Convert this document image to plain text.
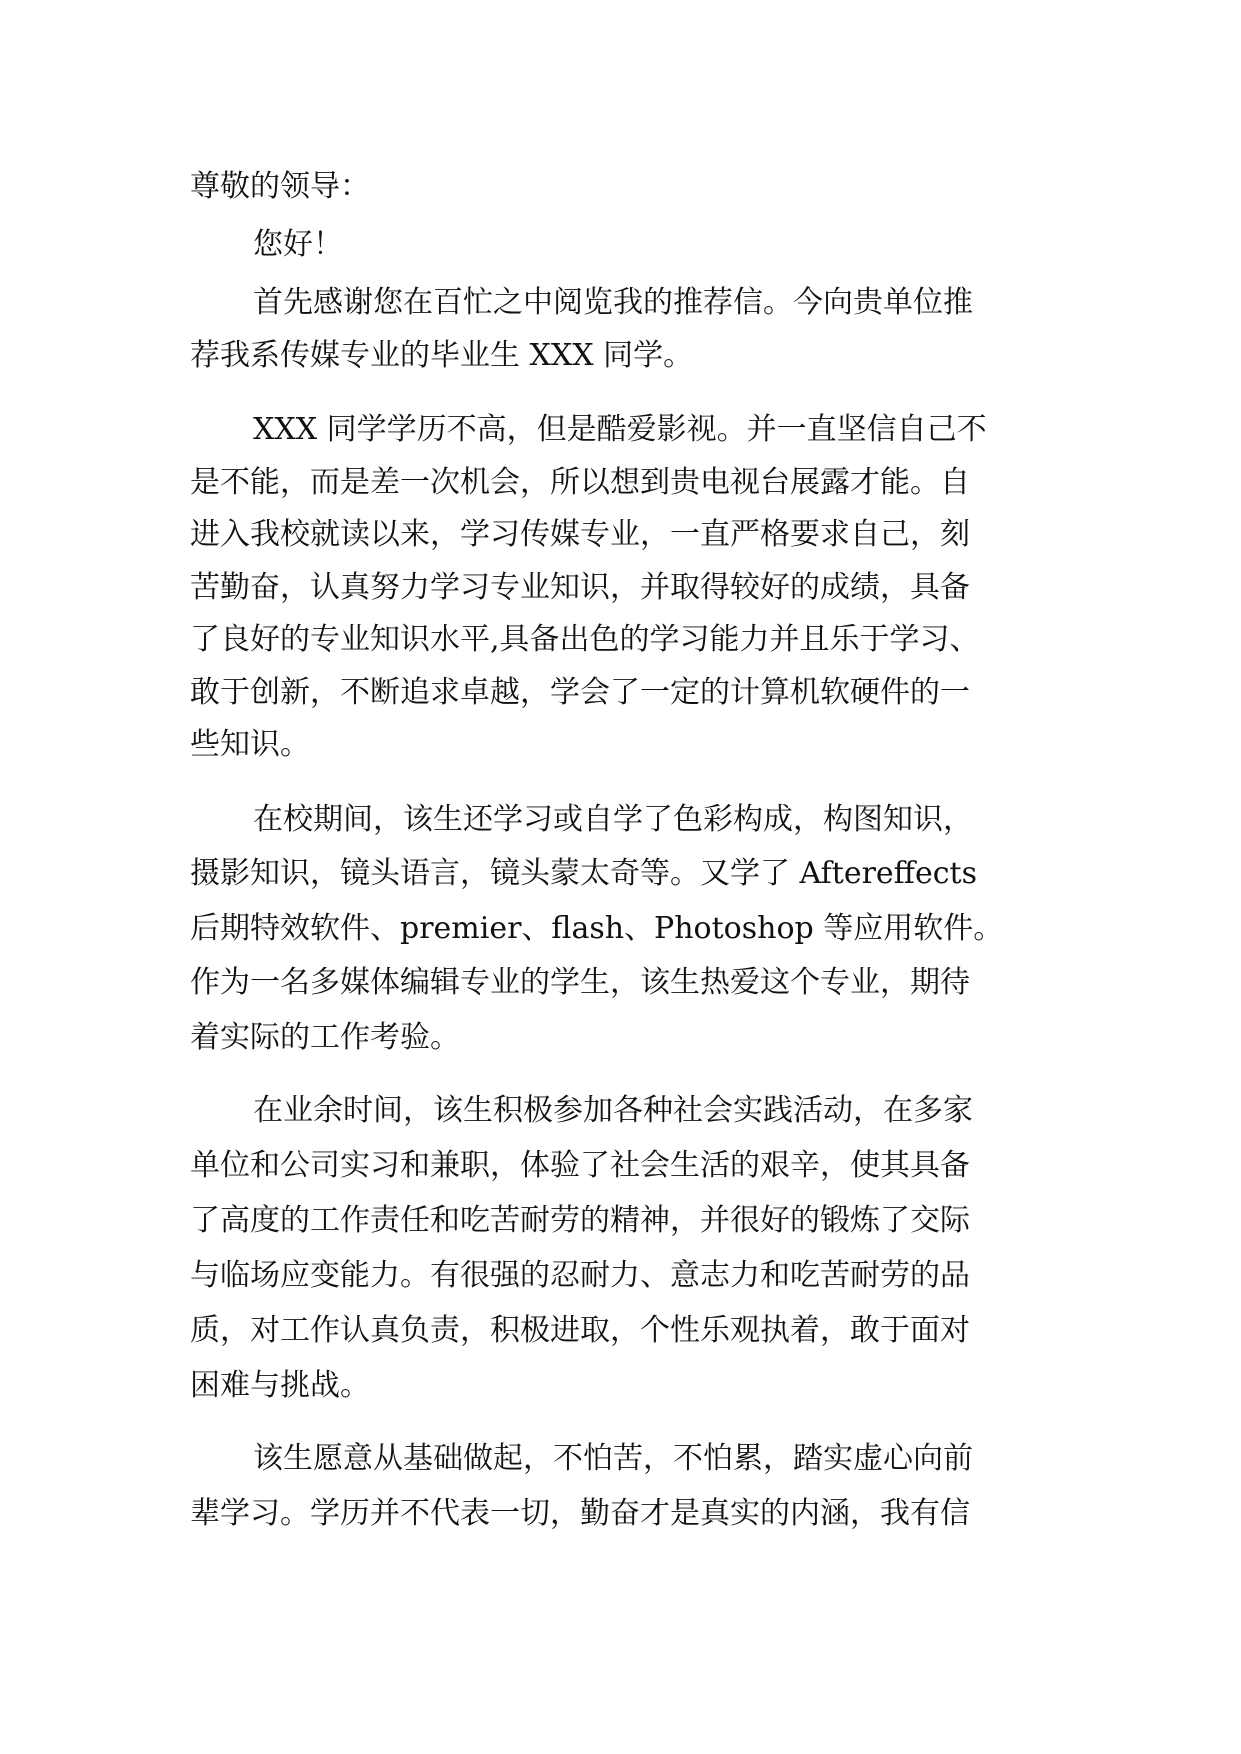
尊敬的领导：
您好！
首先感谢您在百忙之中阅览我的推荐信。今向贵单位推
荐我系传媒专业的毕业生 XXX 同学。
XXX 同学学历不高，但是酷爱影视。并一直坚信自己不
是不能，而是差一次机会，所以想到贵电视台展露才能。自
进入我校就读以来，学习传媒专业，一直严格要求自己，刻
苦勤奋，认真努力学习专业知识，并取得较好的成绩，具备
了良好的专业知识水平,具备出色的学习能力并且乐于学习、
敢于创新，不断追求卓越，学会了一定的计算机软硬件的一
些知识。
在校期间，该生还学习或自学了色彩构成，构图知识，
摄影知识，镜头语言，镜头蒙太奇等。又学了 Aftereffects
后期特效软件、premier、flash、Photoshop 等应用软件。
作为一名多媒体编辑专业的学生，该生热爱这个专业，期待
着实际的工作考验。
在业余时间，该生积极参加各种社会实践活动，在多家
单位和公司实习和兼职，体验了社会生活的艰辛，使其具备
了高度的工作责任和吃苦耐劳的精神，并很好的锻炼了交际
与临场应变能力。有很强的忍耐力、意志力和吃苦耐劳的品
质，对工作认真负责，积极进取，个性乐观执着，敢于面对
困难与挑战。
该生愿意从基础做起，不怕苦，不怕累，踏实虚心向前
辈学习。学历并不代表一切，勤奋才是真实的内涵，我有信
